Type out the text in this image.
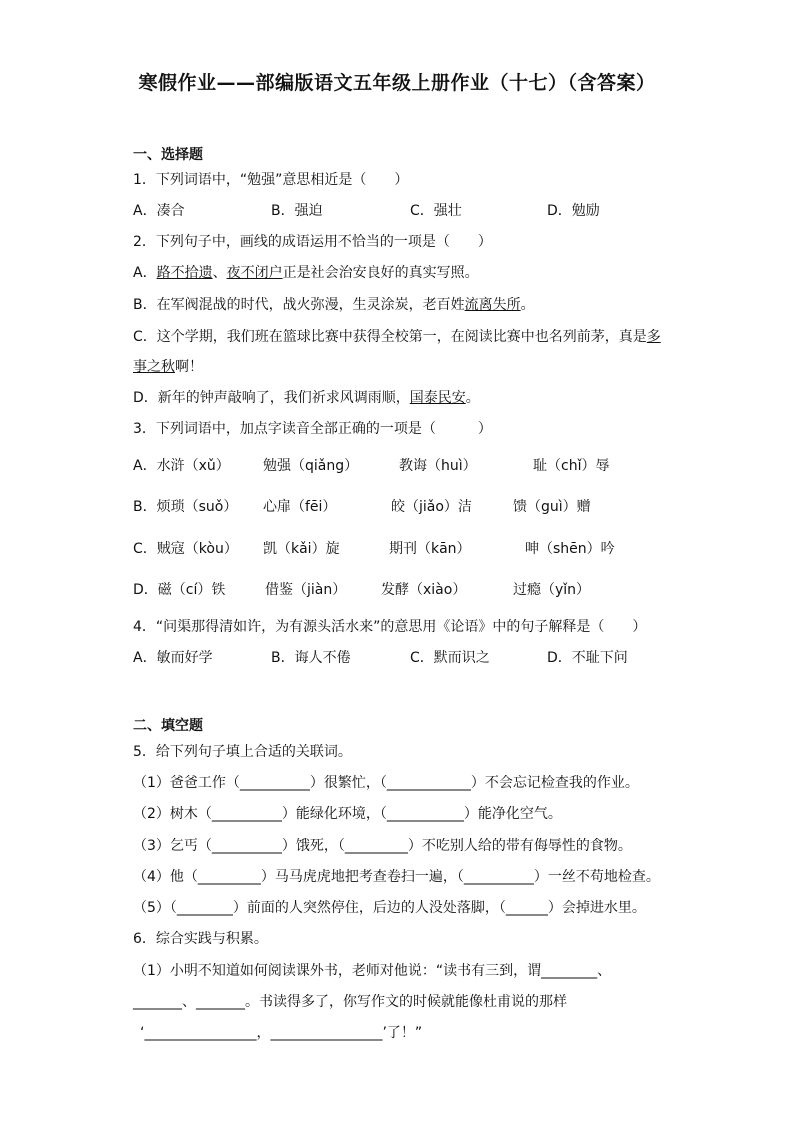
寒假作业——部编版语文五年级上册作业（十七）（含答案）
一、选择题
1．下列词语中，“勉强”意思相近是（　　）
A．凑合	B．强迫	C．强壮	D．勉励
2．下列句子中，画线的成语运用不恰当的一项是（　　）
A．路不拾遗、夜不闭户正是社会治安良好的真实写照。
B．在军阀混战的时代，战火弥漫，生灵涂炭，老百姓流离失所。
C．这个学期，我们班在篮球比赛中获得全校第一，在阅读比赛中也名列前茅，真是多
事之秋啊！
D．新年的钟声敲响了，我们祈求风调雨顺，国泰民安。
3．下列词语中，加点字读音全部正确的一项是（　　　）
A．水浒（xǔ） 勉强（qiǎng）	教诲（huì）	耻（chǐ）辱
B．烦琐（suǒ） 心扉（fēi）	皎（jiǎo）洁	馈（guì）赠
C．贼寇（kòu） 凯（kǎi）旋	期刊（kān）	呻（shēn）吟
D．磁（cí）铁	借鉴（jiàn） 发酵（xiào）	过瘾（yǐn）
4．“问渠那得清如许，为有源头活水来”的意思用《论语》中的句子解释是（　　）
A．敏而好学	B．诲人不倦	C．默而识之	D．不耻下问
二、填空题
5．给下列句子填上合适的关联词。
（1）爸爸工作（__________）很繁忙，（____________）不会忘记检查我的作业。
（2）树木（__________）能绿化环境，（___________）能净化空气。
（3）乞丐（__________）饿死，（_________）不吃别人给的带有侮辱性的食物。
（4）他（_________）马马虎虎地把考查卷扫一遍，（__________）一丝不苟地检查。
（5）（________）前面的人突然停住，后边的人没处落脚，（______）会掉进水里。
6．综合实践与积累。
（1）小明不知道如何阅读课外书，老师对他说：“读书有三到，谓________、
_______、_______。书读得多了，你写作文的时候就能像杜甫说的那样
‘________________，________________’了！”
